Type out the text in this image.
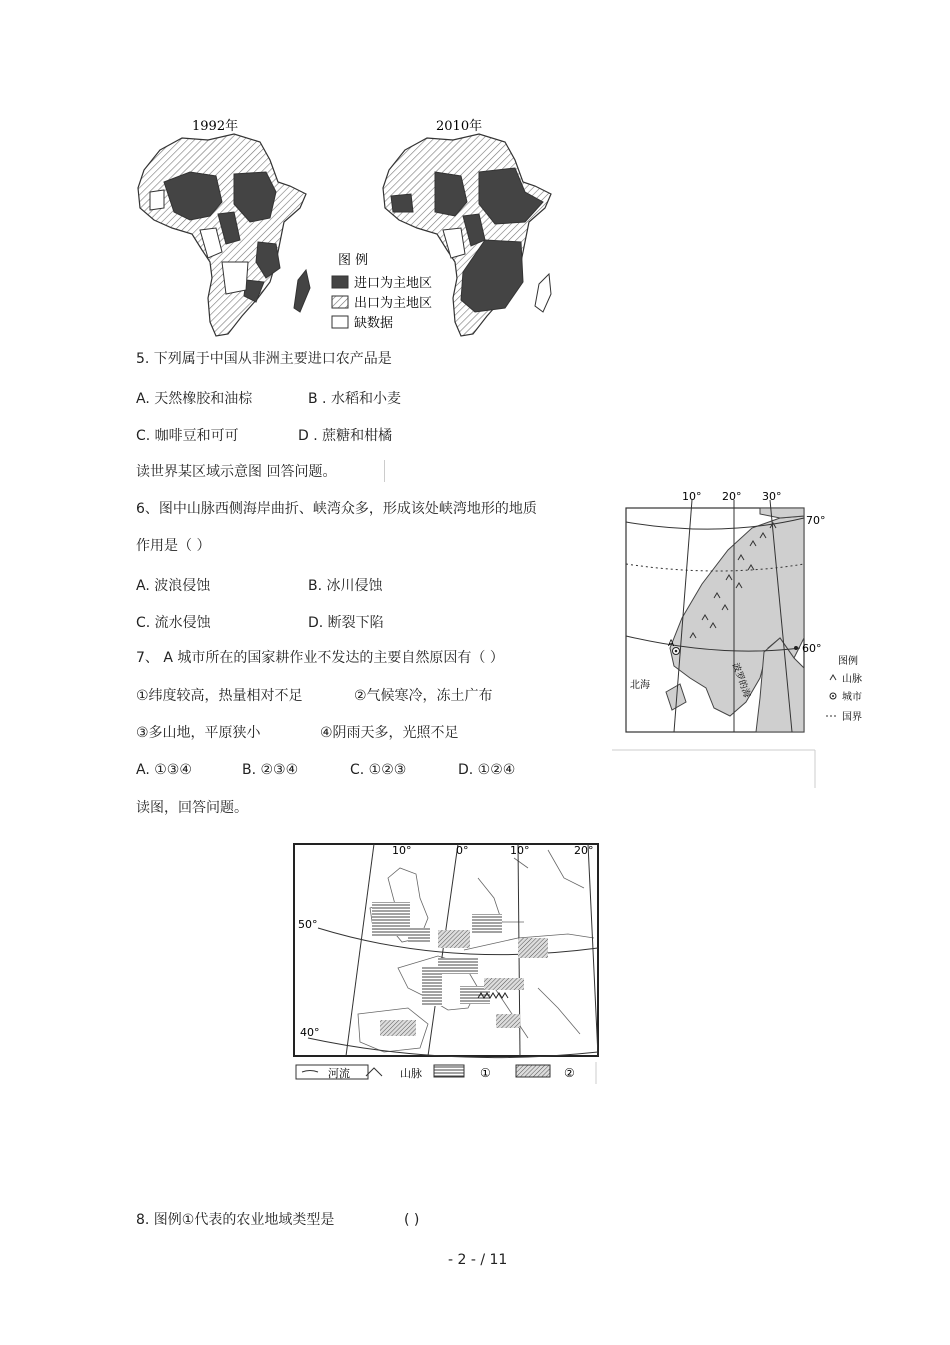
1992年	2010年
图 例
进口为主地区
出口为主地区
缺数据
5. 下列属于中国从非洲主要进口农产品是
A. 天然橡胶和油棕	B . 水稻和小麦
C. 咖啡豆和可可	D . 蔗糖和柑橘
读世界某区域示意图 回答问题。
6、图中山脉西侧海岸曲折、峡湾众多，形成该处峡湾地形的地质
作用是（ ）
A. 波浪侵蚀	B. 冰川侵蚀
C. 流水侵蚀	D. 断裂下陷
7、 A 城市所在的国家耕作业不发达的主要自然原因有（ ）
①纬度较高，热量相对不足	②气候寒冷，冻土广布
③多山地，平原狭小	④阴雨天多，光照不足
A. ①③④	B. ②③④	C. ①②③	D. ①②④
A
北海	波罗的海
10° 20° 30°
70°
60°
图例
山脉
城市
国界
读图，回答问题。
10°	0°	10°	20°
50°
40°
河流	山脉	①	②
8. 图例①代表的农业地域类型是	( )
- 2 - / 11
